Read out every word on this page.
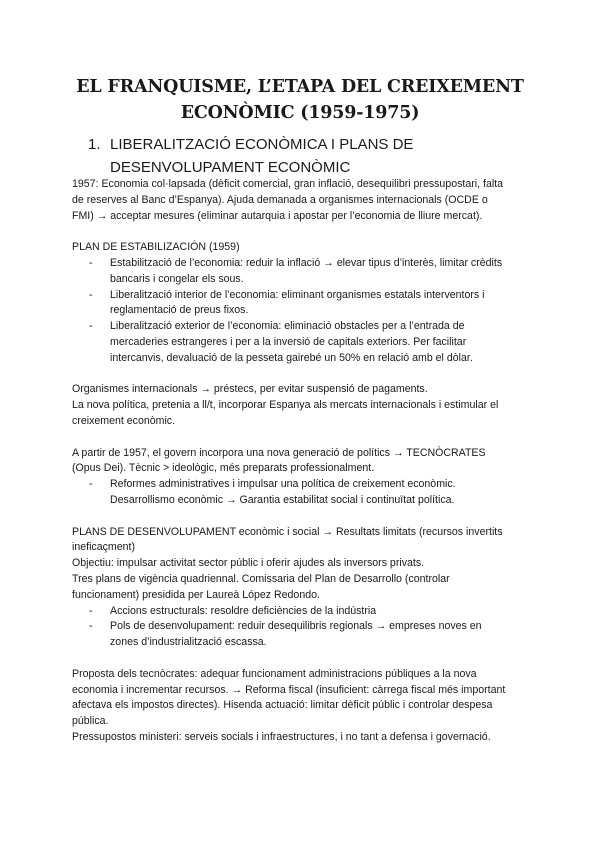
EL FRANQUISME, L’ETAPA DEL CREIXEMENT
ECONÒMIC (1959-1975)
1. LIBERALITZACIÓ ECONÒMICA I PLANS DE
DESENVOLUPAMENT ECONÒMIC
1957: Economia col·lapsada (dèficit comercial, gran inflació, desequilibri pressupostari, falta
de reserves al Banc d’Espanya). Ajuda demanada a organismes internacionals (OCDE o
FMI) → acceptar mesures (eliminar autarquia i apostar per l’economia de lliure mercat).
PLAN DE ESTABILIZACIÓN (1959)
- Estabilització de l’economia: reduir la inflació → elevar tipus d’interès, limitar crèdits
bancaris i congelar els sous.
- Liberalització interior de l’economia: eliminant organismes estatals interventors i
reglamentació de preus fixos.
- Liberalització exterior de l’economia: eliminació obstacles per a l’entrada de
mercaderies estrangeres i per a la inversió de capitals exteriors. Per facilitar
intercanvis, devaluació de la pesseta gairebé un 50% en relació amb el dòlar.
Organismes internacionals → préstecs, per evitar suspensió de pagaments.
La nova política, pretenia a ll/t, incorporar Espanya als mercats internacionals i estimular el
creixement econòmic.
A partir de 1957, el govern incorpora una nova generació de polítics → TECNÒCRATES
(Opus Dei). Tècnic > ideològic, més preparats professionalment.
- Reformes administratives i impulsar una política de creixement econòmic.
Desarrollismo econòmic → Garantia estabilitat social i continuïtat política.
PLANS DE DESENVOLUPAMENT econòmic i social → Resultats limitats (recursos invertits
ineficaçment)
Objectiu: impulsar activitat sector públic i oferir ajudes als inversors privats.
Tres plans de vigència quadriennal. Comissaria del Plan de Desarrollo (controlar
funcionament) presidida per Laureà López Redondo.
- Accions estructurals: resoldre deficiències de la indústria
- Pols de desenvolupament: reduir desequilibris regionals → empreses noves en
zones d’industrialització escassa.
Proposta dels tecnòcrates: adequar funcionament administracions públiques a la nova
economia i incrementar recursos. → Reforma fiscal (insuficient: càrrega fiscal més important
afectava els impostos directes). Hisenda actuació: limitar dèficit públic i controlar despesa
pública.
Pressupostos ministeri: serveis socials i infraestructures, i no tant a defensa i governació.
